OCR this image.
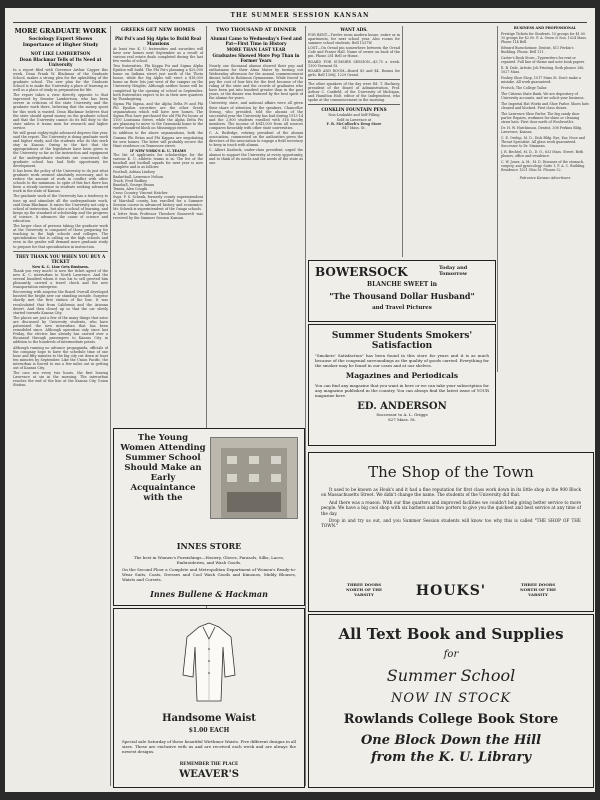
THE SUMMER SESSION KANSAN
MORE GRADUATE WORK
Sociology Expert Shows Importance of Higher Study
NOT LIKE LAMBERTSON
Dean Blackmar Tells of Its Need at University

In a report filed with Governor Arthur Capper this week, Dean Frank W. Blackmar of the Graduate School, makes a strong plea for the upbuilding of the graduate school. The new plan for the Graduate School is to make the University a place of learning as well as a place of study in preparation for life.

The report takes a view directly opposite to that expressed by Senator Lambertson, who has been severe in criticism of the state University and the graduate work there, believing that the money spent for this work is wasted. Dean Blackmar believes that the state should spend money on the graduate school and that the University cannot do its full duty to the state unless it trains men for research and higher service.

We will grant eighty-eight advanced degrees this year, said the report. The University is doing graduate work and higher study, and the students who do this work stay in Kansas. Owing to the fact that the appropriations of the legislature have been given to the University so far as the instruction and equipment of the undergraduate students are concerned, the graduate school has had little opportunity for development.

It has been the policy of the University to do just what graduate work seemed absolutely necessary, and to reduce the amount of work in conflict with other schools to the minimum. In spite of this fact there has been a steady increase in students seeking advanced work in the state of Kansas.

The graduate work of the University has a tendency to tone up and stimulate all the undergraduate work, said Dean Blackmar. It raises the University not only a school of instruction, but also a school of learning, and keeps up the standard of scholarship and the progress of science. It advances the cause of science and education.

The larger class of persons taking the graduate work at the University is composed of those preparing for teaching in the high schools and colleges. The specialization that is calling on the high schools and even in the grades will demand more graduate study to prepare for that specialization in instruction.

THEY THANK YOU WHEN YOU BUY A TICKET
New K. C. Line Gets Business.

Thank you very much! is now the ticket agent of the new K. C. interurban to North Lawrence. And the several hundred whom it was his to sell greeted him pleasantly, carried a travel check and the new transportation enterprise.

Recovering with surprise the Board Overall developed boosted the bright new car standing outside. Surprise shortly met the first station of the line. It was recalculated that from California and the Arizona desert. And then closed up so that the car slowly started towards Kansas City.

The places are just a few of the many things that arise are discussed by University students, who have patronized the new interurban that has been remodeled since. Although operation only since last Friday, the electric line already has carried over a thousand through passengers to Kansas City in addition to the hundreds of intermediate points.

Although running no advance propaganda, officials of the company hope to have the schedule time of one hour and fifty minutes to the big city cut down at least ten minutes by September. Like the Union Pacific, the interurban is forced to run a few miles out in getting out of Kansas City.

The cars run every two hours, the first leaving Lawrence at six in the morning. The interurban reaches the end of the line at the Kansas City Union Station.

GREEKS GET NEW HOMES
Phi Psi's and Sig Alphs to Build Real Mansions

At least two K. U. fraternities and sororities will have new homes next September as a result of various real estate deals completed during the last few weeks of school.

Two fraternities, Phi Kappa Psi and Sigma Alpha Epsilon will build. The Phi Psi's planning a $25,000 home on Indiana street just north of the Theta house, while the Sig Alphs will erect a $18,000 home on their lots just west of the campus on the University Heights. Although neither house will be completed by the opening of school in September, both fraternities expect to be in their new quarters by Thanksgiving.

Sigma Phi Sigma, and the Alpha Delta Pi and Phi Phi Epsilon sororities are the other Greek organizations which will have new homes. The Sigma Phis have purchased the old Phi Psi house at 1100 Louisiana Street, while the Alpha Delta Pis are planning to move to the Graminski home to the twelve hundred block on Mississippi street.

In addition to the above organizations, both the Gamma Phi Betas and Phi Kappas are negotiating for new homes. The latter will probably secure the Hunt residence on Tennessee street.

IF NEW YORK'S K. U. TEAMS

The list of applicants for scholarships for the various K. U. athletic teams is in. The list of the baseball and football squads for next year is now complete and is as follows:

Football, Adrian Lindsey
Basketball, Lawrence Nelson
Track, Fred Rodkey
Baseball, George Beaux
Tennis, Alex Coughi
Cross Country, Vincent Hatcher

Supt. F. S. Schenk, formerly county superintendent of Marshall county, has enrolled for a Summer Session course in advanced history and economics. Mr. Schenk is superintendent of the Onaga schools.

A letter from Professor Theodore Roosevelt was received by the Summer Session Kansan.

TWO THOUSAND AT DINNER
Alumni Came to Wednesday's Feed and Pat—First Time in History
MORE THAN LAST YEAR
Graduates Showed More Pep Than in Former Years

Nearly one thousand alumni showed their pep and enthusiasm for their Alma Mater by turning out Wednesday afternoon for the annual commencement dinner, held in Robinson Gymnasium. While forced to pay the cost of four bits for the feed because of the ruling of the state and the crowds of graduates who have been put into hundred greater than in the past years, at the dinner was featured by the best spirit of the alumni for years.

University, state, and national affairs were all given their share of attention by the speakers. Chancellor Strong, who presided, told the alumni of the successful year the University has had during 1913-14 and the 2,800 students enrolled with 316 faculty members. The income of $941,000 from all sources compares favorably with other state universities.

C. A. Rutledge, retiring president of the alumni association, commented on the authorities given the directors of the association to engage a field secretary to keep in touch with alumni.

C. Albert Kasbeck, under-class president, urged the alumni to support the University at every opportunity, and to think of its needs and the needs of the state as one.

WANT ADS.

FOR RENT—Twelve room modern house, entire or in apartments, for next school year. Also rooms for summer school students. Bell 1037W.

LOST—On Oread pin somewhere between the Oread Cafe and Fraser Hall. Name of owner on back of the pin. Phone 281 Bell or Home.

BOARD FOR SUMMER SESSION—$3.75 a week. 1300 Vermont St.

BOARD AND ROOM—Board $3 and $4. Rooms for girls. Bell 1306J. 1229 Oread.

The other speakers of the day were Ed. T. Hackney, president of the Board of Administration, Prof. Arthur C. Canfield, of the University of Michigan, and Hamilton Holt, editor of the Independent, who spoke at the commencement in the morning.

CONKLIN FOUNTAIN PENS
Non-Leakable and Self-Filling
Sold in Lawrence at
F. B. McColloch's Drug Store
847 Mass. St.
BUSINESS AND PROFESSIONAL
Prestige Tickets for Students. 10 groups for $1.00. 10 groups for $2.00. F. A. Owen & Son, 1024 Mass. Phone 114 Bell.
Edward Buescheimer, Dentist, 811 Perkin's Building. Phone, Bell 111.
Carter's Book Store—Typewriters for rent or repaired. Full line of theme and note book papers.
E. B. Dale, Artistic Job Printing. Both phones 286, 1027 Mass.
Fookey Shoe Shop, 1017 Mass St. Don't make a mistake. All work guaranteed.
Protsch, The College Tailor.
The Citizens State Bank. We are depository of University accounts, and we solicit your business.
The Imperial Hat Works and Shoe Parlor. Shoes hats cleaned and blocked. First class shines.
The Lawrence Shoe Parlor. The big candy shoe parlor. Repairs, workmen for shine or cleaning straw hats. First door north of Woolworth's.
Dr. H. W. Hutchinson, Dentist, 308 Perkins Bldg. Lawrence, Kansas.
C. E. Orelup, M. D., Dick Bldg. Eye, Ear, Nose and Throat Specialist. All glass work guaranteed. Successor to Dr. Simmons.
J. R. Bechtel, M. D., D. O., 633 Mass. Street. Both phones, office and residence.
C. W. Jones, A. M., M. D. Diseases of the stomach, surgery, and gynecology. Suite 1, F. A. C. Building. Residence 1201 Ohio St. Phones 32.
Patronize Kansan Advertisers
BOWERSOCK	Today and
Tomorrow
BLANCHE SWEET in
"The Thousand Dollar Husband"
and Travel Pictures
Summer Students Smokers' Satisfaction
"Smokers' Satisfaction" has been found in this store for years and it is as much because of the congenial surroundings as the quality of goods carried. Everything for the smoker may be found in our cases and at our shelves.
Magazines and Periodicals
You can find any magazine that you want in here or we can take your subscription for any magazine published in the country. You can always find the latest issue of YOUR magazine here.
ED. ANDERSON
Successor to A. L. Griggs
827 Mass. St.
The Young Women Attending Summer School Should Make an Early Acquaintance with the
INNES STORE
The best in Women's Furnishings—Hosiery, Gloves, Parasols, Silks, Laces, Embroideries, and Wash Goods.
On the Second Floor a Complete and Metropolitan Department of Women's Ready-to-Wear Suits, Coats, Dresses and Cool Wash Goods and Kimonos, Middy Blouses, Waists and Corsets.
Innes Bullene & Hackman
Handsome Waist
$1.00 EACH
Special sale Saturday of these beautiful Wirthmor Waists. Five different designs in all sizes. These are exclusive with us and are received each week and are always the newest designs.
REMEMBER THE PLACE
WEAVER'S
The Shop of the Town
It used to be known as Houk's and it had a fine reputation for first class work down in its little shop in the 900 Block on Massachusetts Street. We didn't change the name. The students of the University did that.
And there was a reason. With our fine quarters and improved facilities we couldn't help giving better service to more people. We have a big cool shop with six barbers and two porters to give you the quickest and best service at any time of the day.
Drop in and try us out, and you Summer Session students will know too why this is called "THE SHOP OF THE TOWN."
THREE DOORS NORTH OF THE VARSITY	HOUKS'	THREE DOORS NORTH OF THE VARSITY
All Text Book and Supplies
for
Summer School
NOW IN STOCK
Rowlands College Book Store
One Block Down the Hill
from the K. U. Library
